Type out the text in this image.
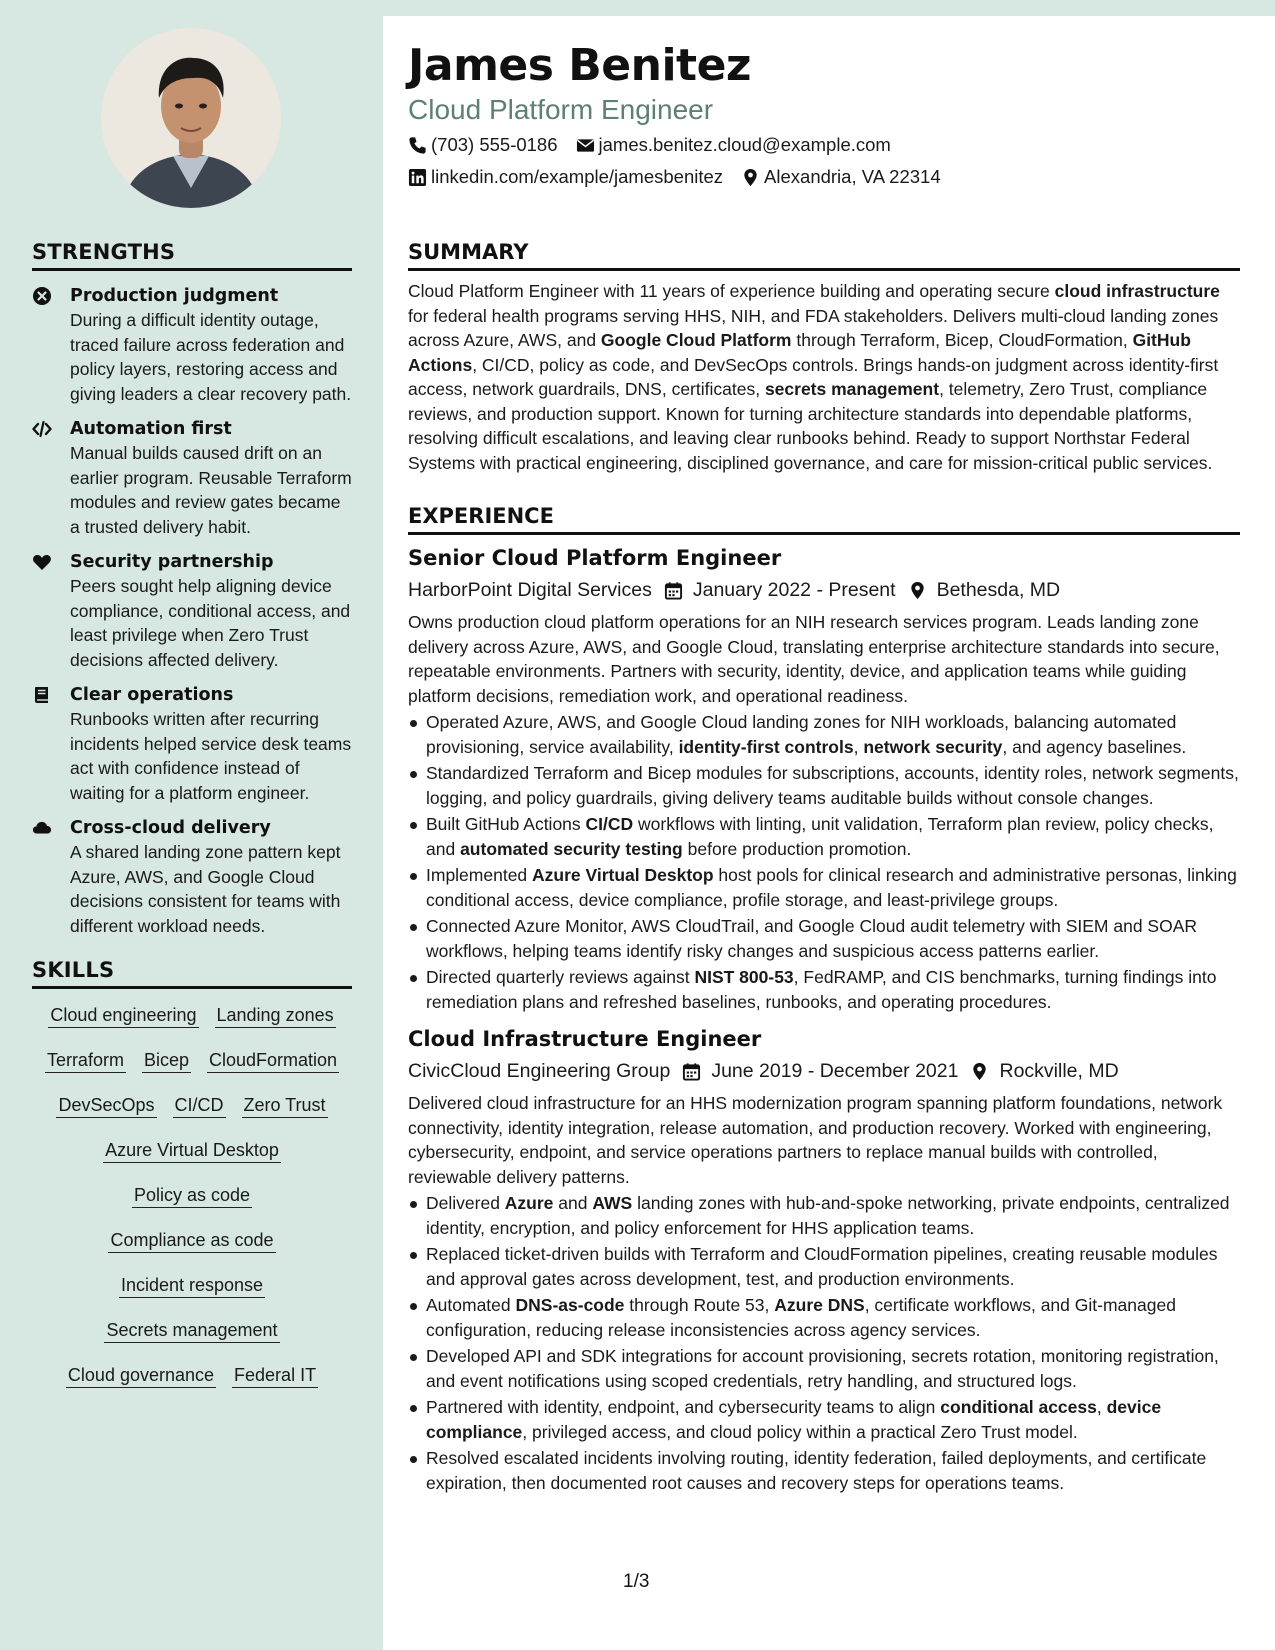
STRENGTHS
Production judgment
During a difficult identity outage, traced failure across federation and policy layers, restoring access and giving leaders a clear recovery path.
Automation first
Manual builds caused drift on an earlier program. Reusable Terraform modules and review gates became a trusted delivery habit.
Security partnership
Peers sought help aligning device compliance, conditional access, and least privilege when Zero Trust decisions affected delivery.
Clear operations
Runbooks written after recurring incidents helped service desk teams act with confidence instead of waiting for a platform engineer.
Cross-cloud delivery
A shared landing zone pattern kept Azure, AWS, and Google Cloud decisions consistent for teams with different workload needs.
SKILLS
Cloud engineering Landing zones
Terraform Bicep CloudFormation
DevSecOps CI/CD Zero Trust
Azure Virtual Desktop
Policy as code
Compliance as code
Incident response
Secrets management
Cloud governance Federal IT
James Benitez
Cloud Platform Engineer
(703) 555-0186 james.benitez.cloud@example.com
linkedin.com/example/jamesbenitez Alexandria, VA 22314
SUMMARY
Cloud Platform Engineer with 11 years of experience building and operating secure cloud infrastructure for federal health programs serving HHS, NIH, and FDA stakeholders. Delivers multi-cloud landing zones across Azure, AWS, and Google Cloud Platform through Terraform, Bicep, CloudFormation, GitHub Actions, CI/CD, policy as code, and DevSecOps controls. Brings hands-on judgment across identity-first access, network guardrails, DNS, certificates, secrets management, telemetry, Zero Trust, compliance reviews, and production support. Known for turning architecture standards into dependable platforms, resolving difficult escalations, and leaving clear runbooks behind. Ready to support Northstar Federal Systems with practical engineering, disciplined governance, and care for mission-critical public services.
EXPERIENCE
Senior Cloud Platform Engineer
HarborPoint Digital Services January 2022 - Present Bethesda, MD
Owns production cloud platform operations for an NIH research services program. Leads landing zone delivery across Azure, AWS, and Google Cloud, translating enterprise architecture standards into secure, repeatable environments. Partners with security, identity, device, and application teams while guiding platform decisions, remediation work, and operational readiness.
Operated Azure, AWS, and Google Cloud landing zones for NIH workloads, balancing automated provisioning, service availability, identity-first controls, network security, and agency baselines.
Standardized Terraform and Bicep modules for subscriptions, accounts, identity roles, network segments, logging, and policy guardrails, giving delivery teams auditable builds without console changes.
Built GitHub Actions CI/CD workflows with linting, unit validation, Terraform plan review, policy checks, and automated security testing before production promotion.
Implemented Azure Virtual Desktop host pools for clinical research and administrative personas, linking conditional access, device compliance, profile storage, and least-privilege groups.
Connected Azure Monitor, AWS CloudTrail, and Google Cloud audit telemetry with SIEM and SOAR workflows, helping teams identify risky changes and suspicious access patterns earlier.
Directed quarterly reviews against NIST 800-53, FedRAMP, and CIS benchmarks, turning findings into remediation plans and refreshed baselines, runbooks, and operating procedures.
Cloud Infrastructure Engineer
CivicCloud Engineering Group June 2019 - December 2021 Rockville, MD
Delivered cloud infrastructure for an HHS modernization program spanning platform foundations, network connectivity, identity integration, release automation, and production recovery. Worked with engineering, cybersecurity, endpoint, and service operations partners to replace manual builds with controlled, reviewable delivery patterns.
Delivered Azure and AWS landing zones with hub-and-spoke networking, private endpoints, centralized identity, encryption, and policy enforcement for HHS application teams.
Replaced ticket-driven builds with Terraform and CloudFormation pipelines, creating reusable modules and approval gates across development, test, and production environments.
Automated DNS-as-code through Route 53, Azure DNS, certificate workflows, and Git-managed configuration, reducing release inconsistencies across agency services.
Developed API and SDK integrations for account provisioning, secrets rotation, monitoring registration, and event notifications using scoped credentials, retry handling, and structured logs.
Partnered with identity, endpoint, and cybersecurity teams to align conditional access, device compliance, privileged access, and cloud policy within a practical Zero Trust model.
Resolved escalated incidents involving routing, identity federation, failed deployments, and certificate expiration, then documented root causes and recovery steps for operations teams.
1/3
